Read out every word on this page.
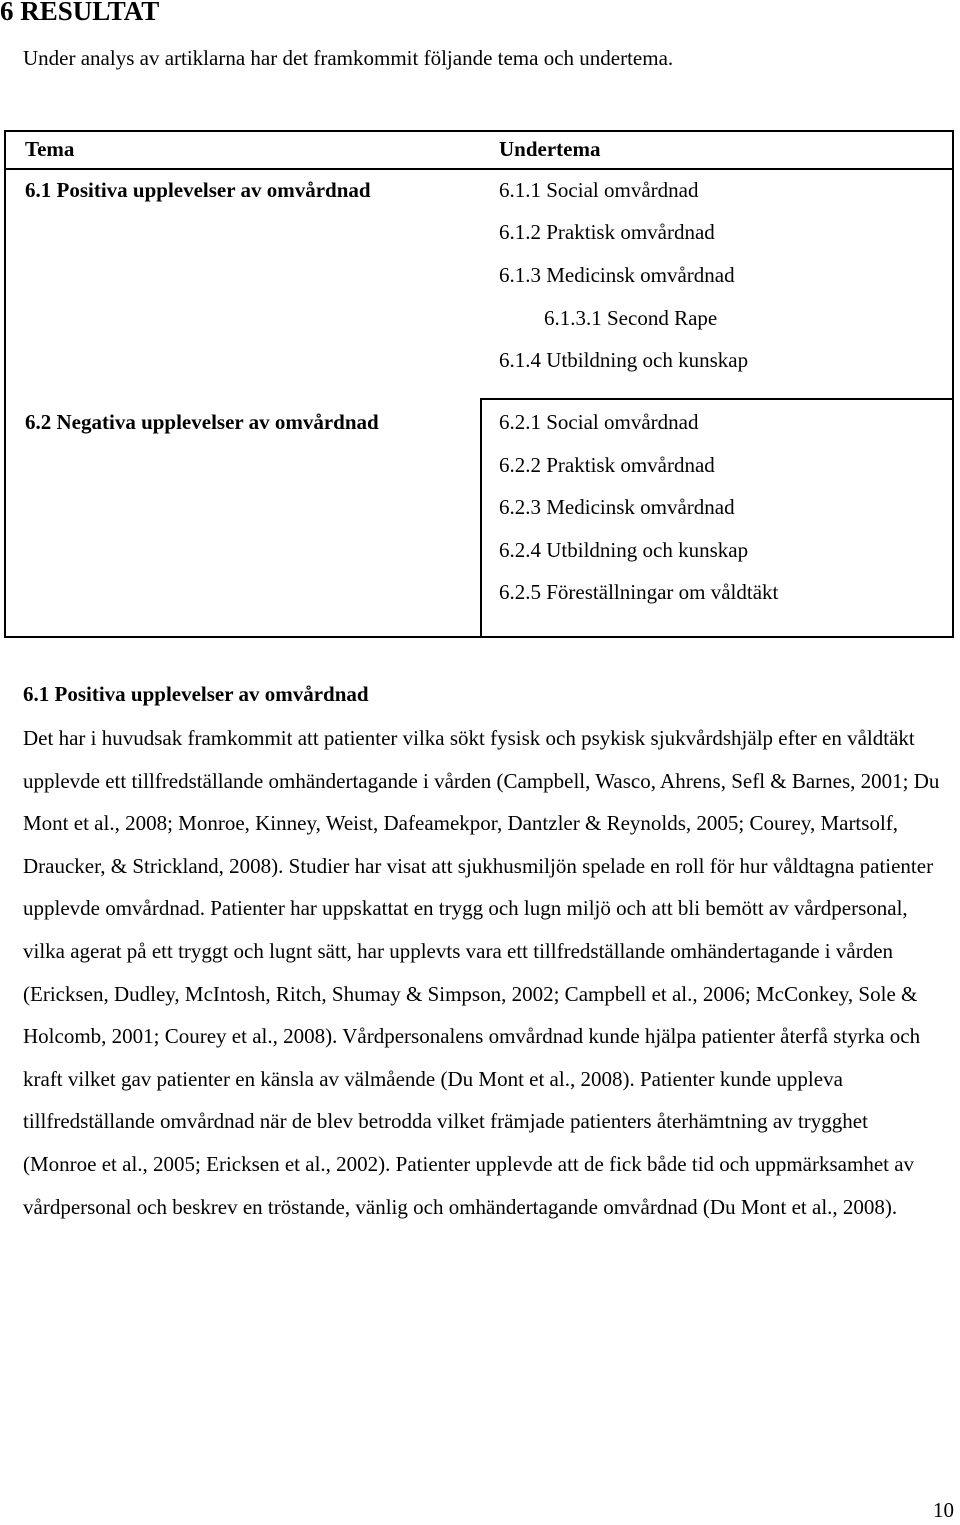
6 RESULTAT

Under analys av artiklarna har det framkommit följande tema och undertema.

Tema	Undertema
6.1 Positiva upplevelser av omvårdnad	6.1.1 Social omvårdnad
6.1.2 Praktisk omvårdnad
6.1.3 Medicinsk omvårdnad
6.1.3.1 Second Rape
6.1.4 Utbildning och kunskap
6.2 Negativa upplevelser av omvårdnad	6.2.1 Social omvårdnad
6.2.2 Praktisk omvårdnad
6.2.3 Medicinsk omvårdnad
6.2.4 Utbildning och kunskap
6.2.5 Föreställningar om våldtäkt
6.1 Positiva upplevelser av omvårdnad

Det har i huvudsak framkommit att patienter vilka sökt fysisk och psykisk sjukvårdshjälp efter en våldtäkt upplevde ett tillfredställande omhändertagande i vården (Campbell, Wasco, Ahrens, Sefl & Barnes, 2001; Du Mont et al., 2008; Monroe, Kinney, Weist, Dafeamekpor, Dantzler & Reynolds, 2005; Courey, Martsolf, Draucker, & Strickland, 2008). Studier har visat att sjukhusmiljön spelade en roll för hur våldtagna patienter upplevde omvårdnad. Patienter har uppskattat en trygg och lugn miljö och att bli bemött av vårdpersonal, vilka agerat på ett tryggt och lugnt sätt, har upplevts vara ett tillfredställande omhändertagande i vården (Ericksen, Dudley, McIntosh, Ritch, Shumay & Simpson, 2002; Campbell et al., 2006; McConkey, Sole & Holcomb, 2001; Courey et al., 2008). Vårdpersonalens omvårdnad kunde hjälpa patienter återfå styrka och kraft vilket gav patienter en känsla av välmående (Du Mont et al., 2008). Patienter kunde uppleva tillfredställande omvårdnad när de blev betrodda vilket främjade patienters återhämtning av trygghet (Monroe et al., 2005; Ericksen et al., 2002). Patienter upplevde att de fick både tid och uppmärksamhet av vårdpersonal och beskrev en tröstande, vänlig och omhändertagande omvårdnad (Du Mont et al., 2008).

10
